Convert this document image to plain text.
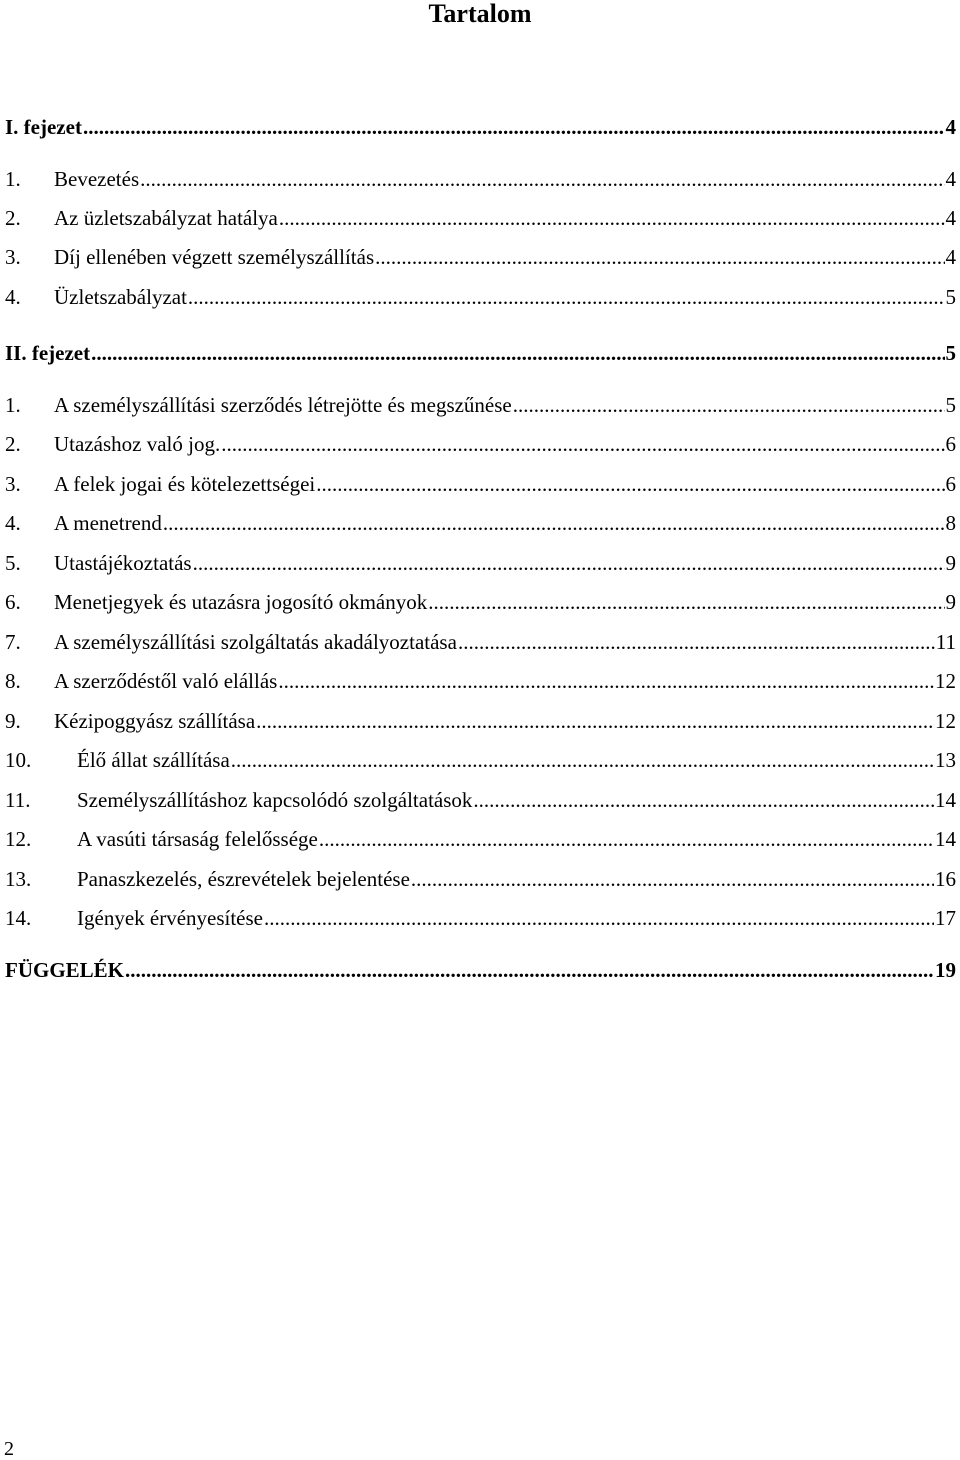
Tartalom
I. fejezet .....	4
1.	Bevezetés .....	4
2.	Az üzletszabályzat hatálya .....	4
3.	Díj ellenében végzett személyszállítás .....	4
4.	Üzletszabályzat .....	5
II. fejezet .....	5
1.	A személyszállítási szerződés létrejötte és megszűnése .....	5
2.	Utazáshoz való jog. .....	6
3.	A felek jogai és kötelezettségei .....	6
4.	A menetrend .....	8
5.	Utastájékoztatás .....	9
6.	Menetjegyek és utazásra jogosító okmányok .....	9
7.	A személyszállítási szolgáltatás akadályoztatása .....	11
8.	A szerződéstől való elállás .....	12
9.	Kézipoggyász szállítása .....	12
10.	Élő állat szállítása .....	13
11.	Személyszállításhoz kapcsolódó szolgáltatások .....	14
12.	A vasúti társaság felelőssége .....	14
13.	Panaszkezelés, észrevételek bejelentése .....	16
14.	Igények érvényesítése .....	17
FÜGGELÉK .....	19
2
